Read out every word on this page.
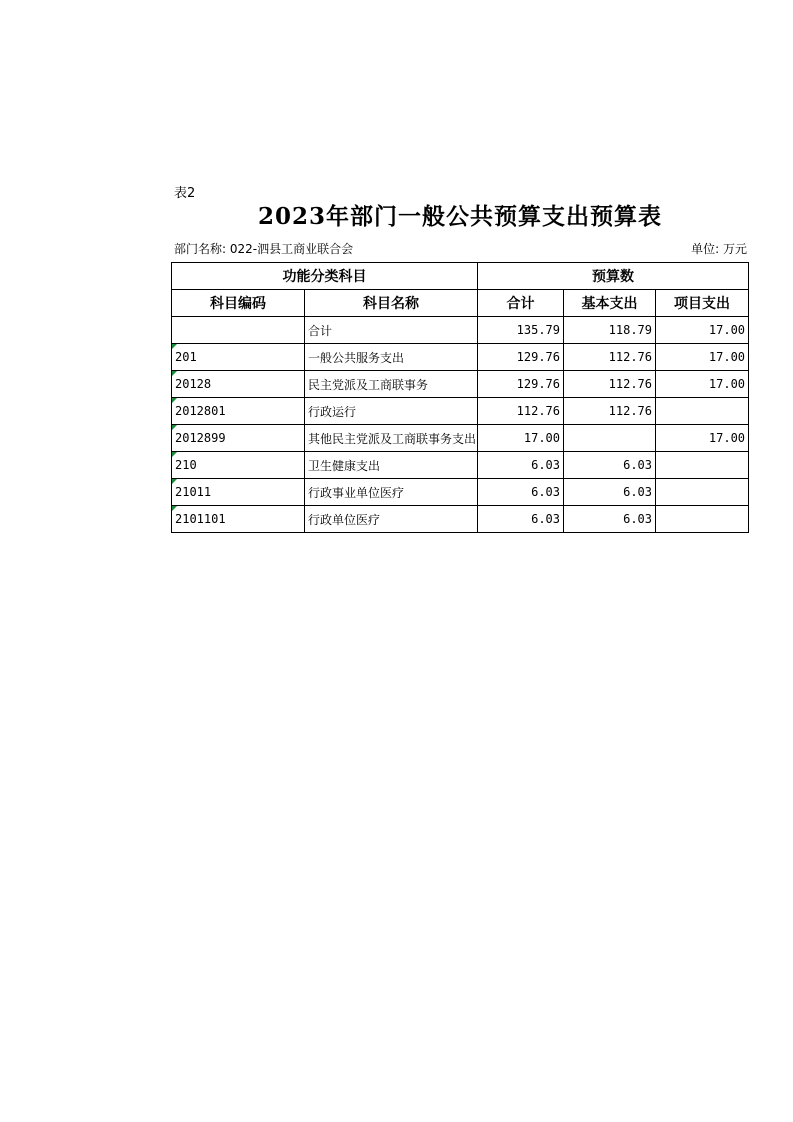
表2
2023年部门一般公共预算支出预算表
部门名称: 022-泗县工商业联合会	单位: 万元
功能分类科目		预算数		
科目编码	科目名称	合计	基本支出	项目支出
	合计	135.79	118.79	17.00
201	一般公共服务支出	129.76	112.76	17.00
20128	民主党派及工商联事务	129.76	112.76	17.00
2012801	行政运行	112.76	112.76	
2012899	其他民主党派及工商联事务支出	17.00		17.00
210	卫生健康支出	6.03	6.03	
21011	行政事业单位医疗	6.03	6.03	
2101101	行政单位医疗	6.03	6.03	
